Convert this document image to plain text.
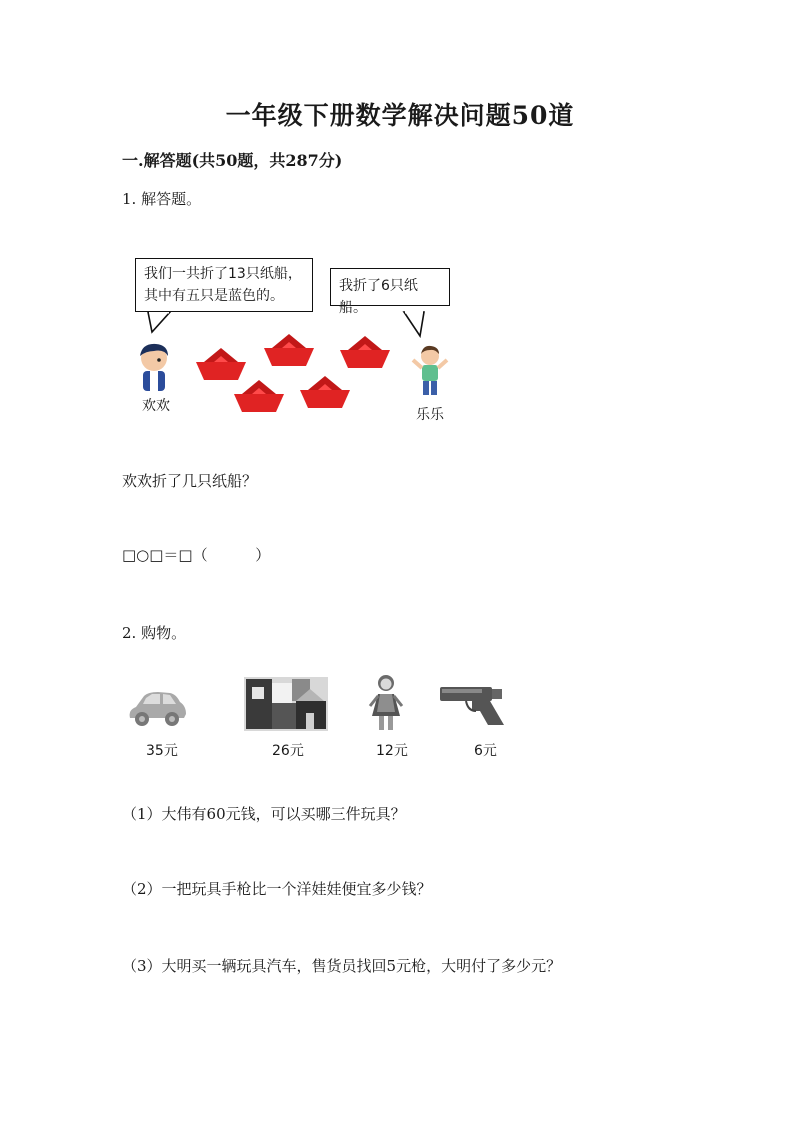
一年级下册数学解决问题50道
一.解答题(共50题，共287分)
1. 解答题。
我们一共折了13只纸船，
其中有五只是蓝色的。
我折了6只纸船。
欢欢
乐乐
欢欢折了几只纸船？
□○□＝□（          ）
2. 购物。
35元	26元	12元	6元
（1）大伟有60元钱，可以买哪三件玩具？
（2）一把玩具手枪比一个洋娃娃便宜多少钱？
（3）大明买一辆玩具汽车，售货员找回5元枪，大明付了多少元？
